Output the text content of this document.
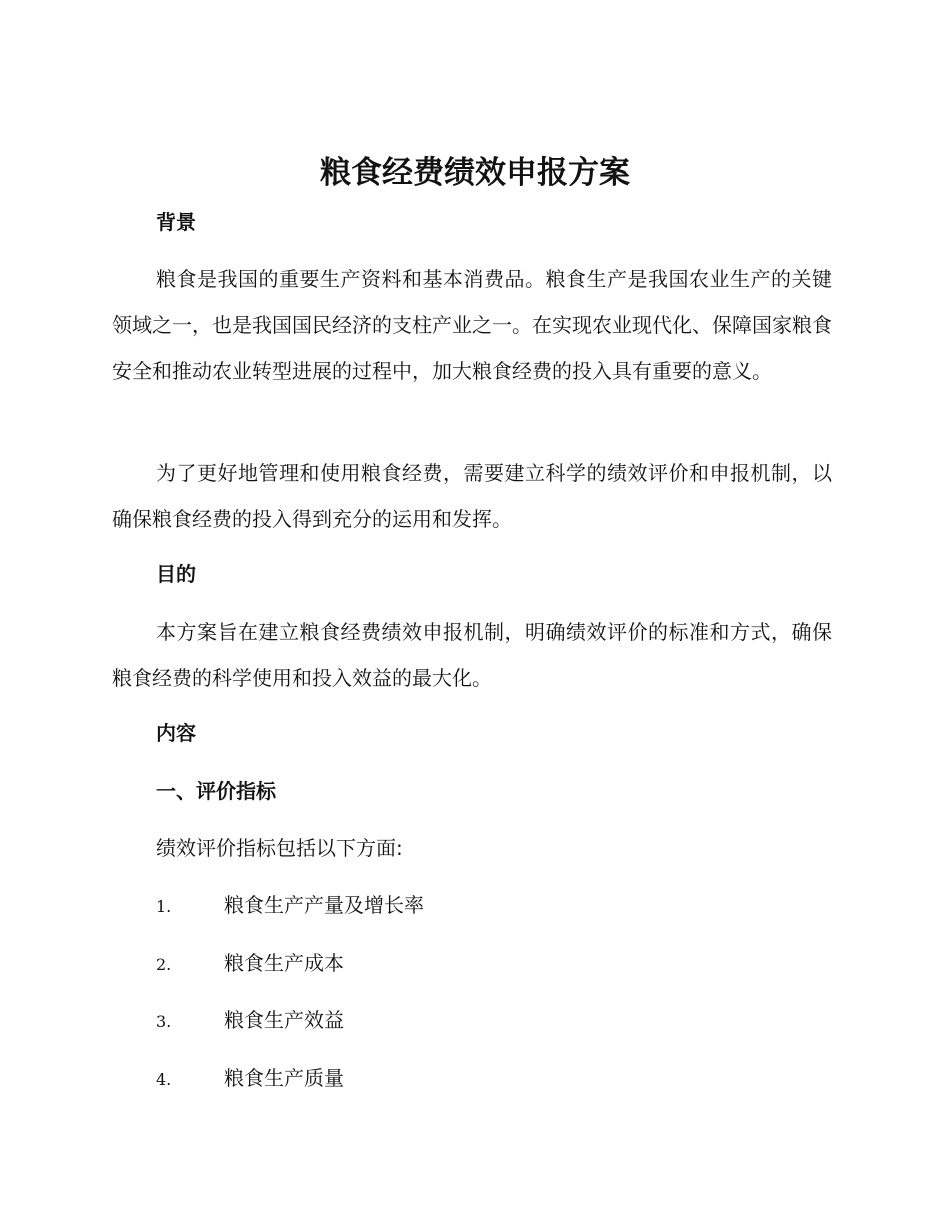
粮食经费绩效申报方案
背景

粮食是我国的重要生产资料和基本消费品。粮食生产是我国农业生产的关键领域之一，也是我国国民经济的支柱产业之一。在实现农业现代化、保障国家粮食安全和推动农业转型进展的过程中，加大粮食经费的投入具有重要的意义。

为了更好地管理和使用粮食经费，需要建立科学的绩效评价和申报机制，以确保粮食经费的投入得到充分的运用和发挥。

目的

本方案旨在建立粮食经费绩效申报机制，明确绩效评价的标准和方式，确保粮食经费的科学使用和投入效益的最大化。

内容
一、评价指标

绩效评价指标包括以下方面:

1.	粮食生产产量及增长率

2.	粮食生产成本

3.	粮食生产效益

4.	粮食生产质量
